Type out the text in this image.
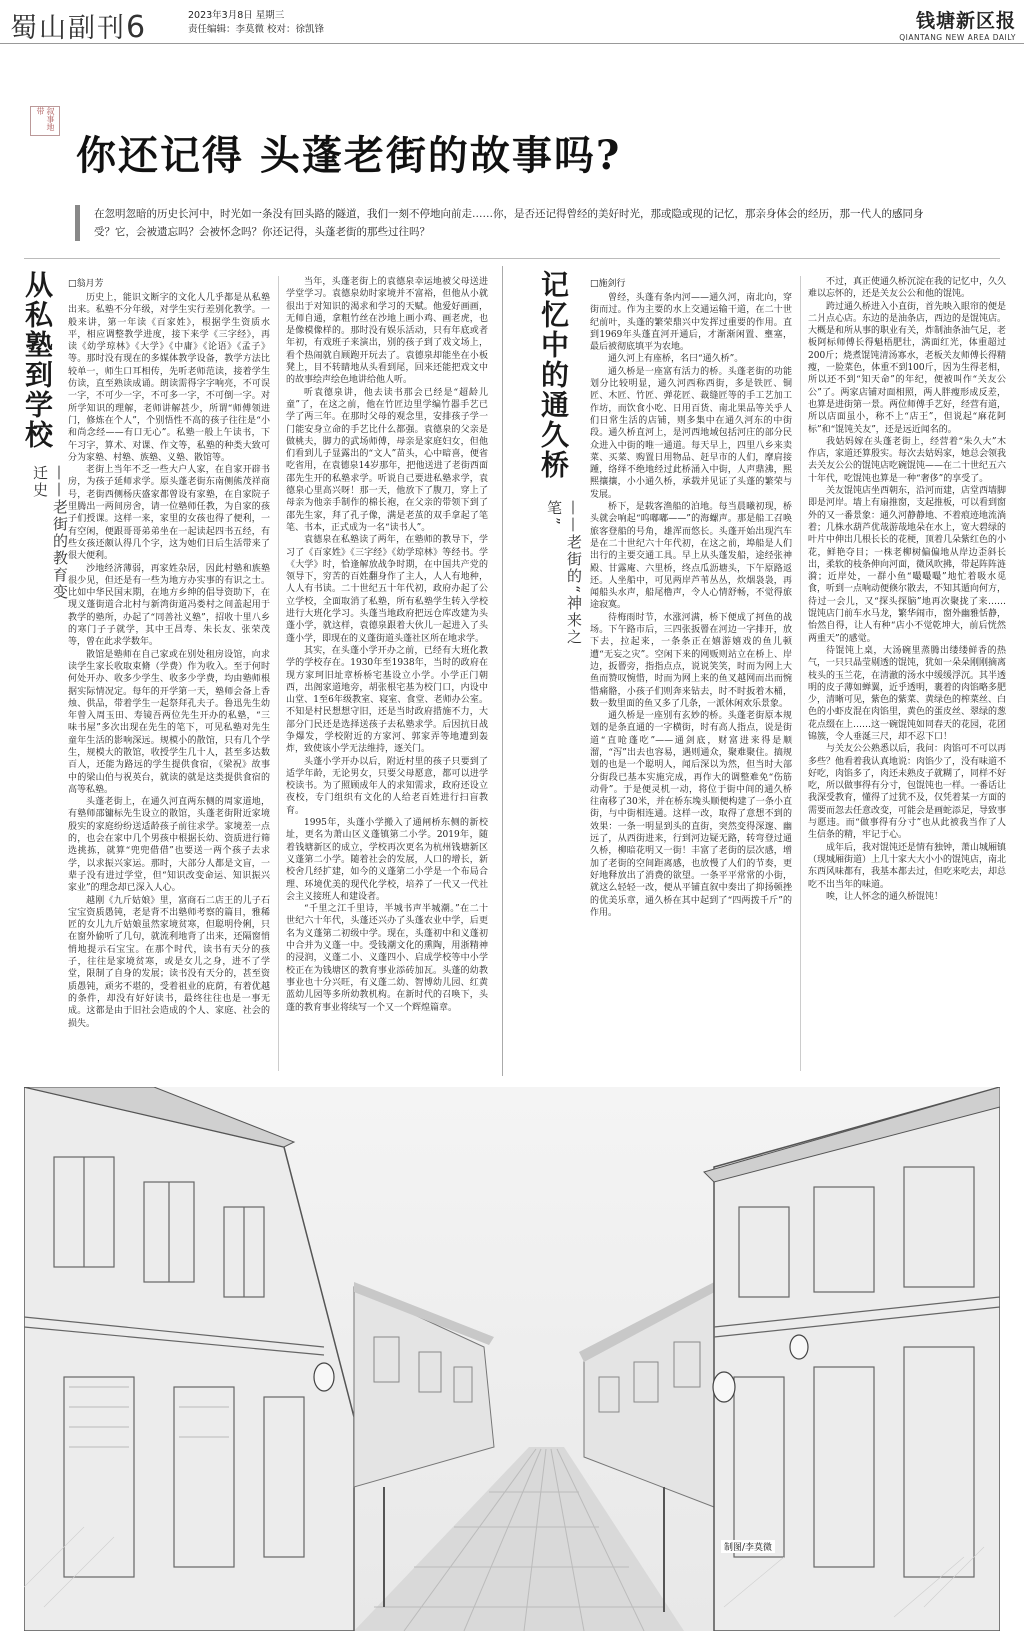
蜀山副刊6	2023年3月8日 星期三
责任编辑：李莫微 校对：徐凯锋	钱塘新区报
QIANTANG NEW AREA DAILY
叙事地带
你还记得 头蓬老街的故事吗?
在忽明忽暗的历史长河中，时光如一条没有回头路的隧道，我们一刻不停地向前走……你，是否还记得曾经的美好时光，那或隐或现的记忆，那亲身体会的经历，那一代人的感同身受？它，会被遗忘吗？会被怀念吗？你还记得，头蓬老街的那些过往吗？
从私塾到学校
——老街的教育变迁史
□翁月芳

历史上，能识文断字的文化人几乎都是从私塾出来。私塾不分年级，对学生实行差别化教学。一般来讲，第一年读《百家姓》，根据学生资质水平，相应调整教学进度，接下来学《三字经》，再读《幼学琼林》《大学》《中庸》《论语》《孟子》等。那时没有现在的多媒体教学设备，教学方法比较单一，师生口耳相传，先听老师范读，接着学生仿读，直至熟读成诵。朗读需得字字响亮，不可误一字，不可少一字，不可多一字，不可倒一字。对所学知识的理解，老师讲解甚少，所谓“师傅领进门，修炼在个人”，个别悟性不高的孩子往往是“小和尚念经——有口无心”。私塾一般上午读书，下午习字，算术、对课、作文等，私塾的种类大致可分为家塾、村塾、族塾、义塾、散馆等。

老街上当年不乏一些大户人家，在自家开辟书房，为孩子延师求学。原头蓬老街东南侧熊茂祥商号，老街西侧杨庆盛家都曾设有家塾，在自家院子里腾出一两间房舍，请一位塾师任教，为自家的孩子们授课。这样一来，家里的女孩也得了便利，一有空闲，便跟哥哥弟弟坐在一起读起四书五经，有些女孩还颇认得几个字，这为她们日后生活带来了很大便利。

沙地经济薄弱，再家姓杂居，因此村塾和族塾很少见，但还是有一些为地方办实事的有识之士。比如中华民国末期，在地方乡绅的倡导资助下，在现义蓬街道合北村与新湾街道冯娄村之间盖起用于教学的塾所，办起了“同善社义塾”，招收十里八乡的寒门子子就学，其中王昌寿、朱长友、张荣茂等，曾在此求学数年。

散馆是塾师在自己家或在别处租房设馆，向求读学生家长收取束脩（学费）作为收入。至于何时何处开办、收多少学生、收多少学费，均由塾师根据实际情况定。每年的开学第一天，塾师会备上香烛、供品，带着学生一起祭拜孔夫子。鲁迅先生幼年曾入周玉田、寿镜吾两位先生开办的私塾，“三味书屋”多次出现在先生的笔下，可见私塾对先生童年生活的影响深远。规模小的散馆，只有几个学生，规模大的散馆，收授学生几十人，甚至多达数百人，还能为路远的学生提供食宿，《梁祝》故事中的梁山伯与祝英台，就读的就是这类提供食宿的高等私塾。

头蓬老街上，在通久河直两东侧的周家道地，有塾师邵镛标先生设立的散馆，头蓬老街附近家境殷实的家庭纷纷送适龄孩子前往求学。家境差一点的，也会在家中几个男孩中根据长幼、资质进行筛选挑拣，就算“兜兜借借”也要送一两个孩子去求学，以求振兴家运。那时，大部分人都是文盲，一辈子没有进过学堂，但“知识改变命运、知识振兴家业”的理念却已深入人心。

越刚《九斤姑娘》里，富商石二店王的儿子石宝宝资质愚钝，老是背不出塾师考察的篇目，雅稀匠的女儿九斤姑娘虽然家境贫寒，但聪明伶俐，只在窗外偷听了几句，就流利地背了出来，还隔窗悄悄地提示石宝宝。在那个时代，读书有天分的孩子，往往是家境贫寒，或是女儿之身，进不了学堂，限制了自身的发展；读书没有天分的，甚至资质愚钝，顽劣不堪的，受着祖业的庇荫，有着优越的条件，却没有好好读书，最终往往也是一事无成。这都是由于旧社会造成的个人、家庭、社会的损失。

当年，头蓬老街上的袁德泉幸运地被父母送进学堂学习。袁德泉幼时家境并不富裕，但他从小就很出于对知识的渴求和学习的天赋。他爱好画画，无师自通，拿粗竹丝在沙地上画小鸡、画老虎，也是像模像样的。那时没有娱乐活动，只有年底或者年初，有戏班子来演出，别的孩子到了戏文场上，看个热闹就自顾跑开玩去了。袁德泉却能坐在小板凳上，目不转睛地从头看到尾，回来还能把戏文中的故事绘声绘色地讲给他人听。

听袁德泉讲，他去读书那会已经是“超龄儿童”了，在这之前，他在竹匠边里学编竹器手艺已学了两三年。在那时父母的观念里，安排孩子学一门能安身立命的手艺比什么都强。袁德泉的父亲是做桃夫，脚力的武场师傅，母亲是家庭妇女，但他们看到儿子显露出的“文人”苗头，心中暗喜，便省吃省用，在袁德泉14岁那年，把他送进了老街西面邵先生开的私塾求学。听说自己要进私塾求学，袁德泉心里高兴呀！那一天，他放下了腹刀，穿上了母亲为他亲手制作的棉长袍，在父亲的带领下到了邵先生家，拜了孔子像，满是老茧的双手拿起了笔笔、书本，正式成为一名“读书人”。

袁德泉在私塾读了两年，在塾师的教导下，学习了《百家姓》《三字经》《幼学琼林》等经书。学《大学》时，恰逢解放战争时期，在中国共产党的领导下，穷苦的百姓翻身作了主人，人人有地种，人人有书读。二十世纪五十年代初，政府办起了公立学校，全面取消了私塾，所有私塾学生转入学校进行大班化学习。头蓬当地政府把远仓库改建为头蓬小学，就这样，袁德泉跟着大伙儿一起进入了头蓬小学，即现在的义蓬街道头蓬社区所在地求学。

其实，在头蓬小学开办之前，已经有大班化教学的学校存在。1930年至1938年，当时的政府在现方家珂旧址章桥桥宅基设立小学。小学正门朝西，出阁家道地旁，胡张根宅基为校门口，内设中山堂、1至6年级教室、寝室、食堂、老师办公室。不知是村民想想守旧，还是当时政府措施不力，大部分门民还是选择送孩子去私塾求学。后因抗日战争爆发，学校附近的方家河、郭家弄等地遭到轰炸，致使该小学无法维持，逐关门。

头蓬小学开办以后，附近村里的孩子只要到了适学年龄，无论男女，只要父母愿意，都可以进学校读书。为了照顾成年人的求知需求，政府还设立夜校，专门组织有文化的人给老百姓进行扫盲教育。

1995年，头蓬小学搬入了通闸桥东侧的新校址，更名为萧山区义蓬镇第二小学。2019年，随着钱塘新区的成立，学校再次更名为杭州钱塘新区义蓬第二小学。随着社会的发展，人口的增长，新校舍几经扩建，如今的义蓬第二小学是一个布局合理、环境优美的现代化学校，培养了一代又一代社会主义接班人和建设者。

“千里之江千里诗，半城书声半城潮。”在二十世纪六十年代，头蓬还兴办了头蓬农业中学，后更名为义蓬第二初级中学。现在，头蓬初中和义蓬初中合并为义蓬一中。受钱潮文化的熏陶，用浙精神的浸润，义蓬二小、义蓬四小、启成学校等中小学校正在为钱塘区的教育事业添砖加瓦。头蓬的幼教事业也十分兴旺，有义蓬二幼、智博幼儿园、红黄蓝幼儿园等多所幼教机构。在新时代的召唤下，头蓬的教育事业将续写一个又一个辉煌篇章。

记忆中的通久桥
——老街的“神来之笔”
□施剑行

曾经，头蓬有条内河——通久河，南北向，穿街而过。作为主要的水上交通运输干道，在二十世纪前叶，头蓬的繁荣鼎兴中发挥过重要的作用。直到1969年头蓬直河开通后，才渐渐闲置、壅塞，最后被彻底填平为农地。

通久河上有座桥，名曰“通久桥”。

通久桥是一座富有活力的桥。头蓬老街的功能划分比较明显，通久河西称西街，多是铁匠、铜匠、木匠、竹匠、弹花匠、裁缝匠等的手工艺加工作坊，而饮食小吃、日用百货、南北果品等关乎人们日常生活的店铺，则多集中在通久河东的中街段。通久桥直河上，是河西地域包括河庄的部分民众进入中街的唯一通道。每天早上，四里八乡来卖菜、买菜、购置日用物品、赶早市的人们，摩肩接踵，络绎不绝地经过此桥涌入中街，人声鼎沸，熙熙攘攘，小小通久桥，承载并见证了头蓬的繁荣与发展。

桥下，是载客渔船的泊地。每当晨曦初现，桥头就会响起“呜嘟嘟——”的海螺声。那是船工召唤旅客登船的号角，雄浑而悠长。头蓬开始出现汽车是在二十世纪六十年代初，在这之前，埠船是人们出行的主要交通工具。早上从头蓬发船，途经张神殿、甘露庵、六里桥，终点瓜沥塘头，下午原路返还。人坐船中，可见两岸芦苇丛丛，炊烟袅袅，再闻船头水声，船尾橹声，令人心情舒畅，不觉得旅途寂寞。

待梅雨时节，水涨河满，桥下便成了抲鱼的战场。下午路市后，三四张扳罾在河边一字排开，放下去，拉起来，一条条正在嬉游嬉戏的鱼儿顿遭“无妄之灾”。空闲下来的网贩则站立在桥上、岸边，扳罾旁，指指点点，说说笑笑，时而为网上大鱼而赞叹惋惜，时而为网上来的鱼叉越网而出而惋惜痛骼，小孩子们则奔来钻去，时不时扳着木桶，数一数里面的鱼又多了几条，一派休闲欢乐景象。

通久桥是一座别有玄妙的桥。头蓬老街原本规划的是条直通的一字横街，时有高人指点，说是街道“直呛蓬吃”——通剑底，财富进来得是顺溜，“泻”出去也容易，遇则通众，聚难聚住。搞规划的也是一个聪明人，闻后深以为然，但当时大部分街段已基本实施完成，再作大的调整难免“伤筋动骨”。于是便灵机一动，将位于街中间的通久桥往南移了30米，并在桥东堍头顺便构建了一条小直街，与中街相连通。这样一改，取得了意想不到的效果：一条一明显到头的直街，突然变得深邃、幽远了，从西街进来，行到河边疑无路，转弯登过通久桥，柳暗花明又一街！丰富了老街的层次感，增加了老街的空间距离感，也放慢了人们的节奏，更好地释放出了消费的欲望。一条平平常常的小街，就这么轻轻一改，便从平铺直叙中奏出了抑扬顿挫的优美乐章，通久桥在其中起到了“四两拨千斤”的作用。

不过，真正使通久桥沉淀在我的记忆中，久久难以忘怀的，还是关友公公和他的馄饨。

跨过通久桥进入小直街，首先映入眼帘的便是二爿点心店。东边的是油条店，西边的是馄饨店。大概是和所从事的职业有关，炸制油条油气足，老板阿标师傅长得魁梧肥壮，满面红光，体重超过200斤；烧煮馄饨清汤寡水，老板关友师傅长得精瘦，一脸菜色，体重不到100斤，因为生得老相，所以还不到“知天命”的年纪，便被叫作“关友公公”了。两家店铺对面相照，两人胖瘦形成反差，也算是进街第一景。两位师傅手艺好，经营有道，所以店面虽小，称不上“店王”，但说起“麻花阿标”和“馄饨关友”，还是远近闻名的。

我姑妈嫁在头蓬老街上，经营着“朱久大”木作店，家道还算殷实。每次去姑妈家，她总会领我去关友公公的馄饨店吃碗馄饨——在二十世纪五六十年代，吃馄饨也算是一种“奢侈”的享受了。

关友馄饨店坐西朝东，沿河而建，店堂西墙脚即是河岸。墙上有扇推窗，支起推板，可以看到窗外的又一番景象：通久河静静地、不着痕迹地流淌着；几株水葫芦优哉游哉地朵在水上，宽大碧绿的叶片中伸出几根长长的花梗，顶着几朵紫红色的小花，鲜艳夺目；一株老柳树偏偏地从岸边歪斜长出，柔软的枝条伸向河面，微风吹拂，带起阵阵涟漪；近岸处，一群小鱼“嘬嘬嘬”地忙着吸水觅食，听到一点响动便倏尔散去，不知其遁向何方，待过一会儿，又“探头探脑”地再次聚拢了来……馄饨店门前车水马龙，繁华闹市，窗外幽雅恬静，怡然自得，让人有种“店小不觉乾坤大，前后恍然两重天”的感觉。

待馄饨上桌，大汤碗里蒸腾出缕缕鲜香的热气，一只只晶莹剔透的馄饨，犹如一朵朵刚刚摘离枝头的玉兰花，在清澈的汤水中缓缓浮沉。其半透明的皮子薄如蝉翼，近乎透明，裹着的肉馅略多肥少，清晰可见，紫色的紫菜、黄绿色的榨菜丝、白色的小虾皮混在肉馅里，黄色的蛋皮丝、翠绿的葱花点缀在上……这一碗馄饨如同春天的花园，花团锦簇，令人垂涎三尺，却不忍下口！

与关友公公熟悉以后，我问：肉馅可不可以再多些？他看着我认真地说：肉馅少了，没有味道不好吃，肉馅多了，肉还未熟皮子就糊了，同样不好吃，所以做事得有分寸，包馄饨也一样。一番话让我深受教育，懂得了过犹不及，仅凭着某一方面的需要而忽去任意改变，可能会是画蛇添足，导致事与愿违。而“做事得有分寸”也从此被我当作了人生信条的精，牢记于心。

成年后，我对馄饨还是情有独钟，萧山城厢镇（现城厢街道）上几十家大大小小的馄饨店，南北东西风味都有，我基本都去过，但吃来吃去，却总吃不出当年的味道。

唉，让人怀念的通久桥馄饨！

制图/李莫微
